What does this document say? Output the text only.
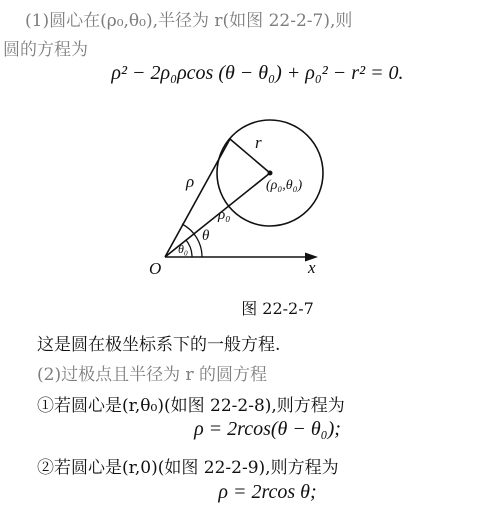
(1)圆心在(ρ₀,θ₀),半径为 r(如图 22-2-7),则
圆的方程为
ρ² − 2ρ₀ρcos (θ − θ₀) + ρ₀² − r² = 0.
r
ρ	(ρ₀,θ₀)
ρ₀
θ
θ₀
O	x
图 22-2-7
这是圆在极坐标系下的一般方程.
(2)过极点且半径为 r 的圆方程
①若圆心是(r,θ₀)(如图 22-2-8),则方程为
ρ = 2rcos(θ − θ₀);
②若圆心是(r,0)(如图 22-2-9),则方程为
ρ = 2rcos θ;
